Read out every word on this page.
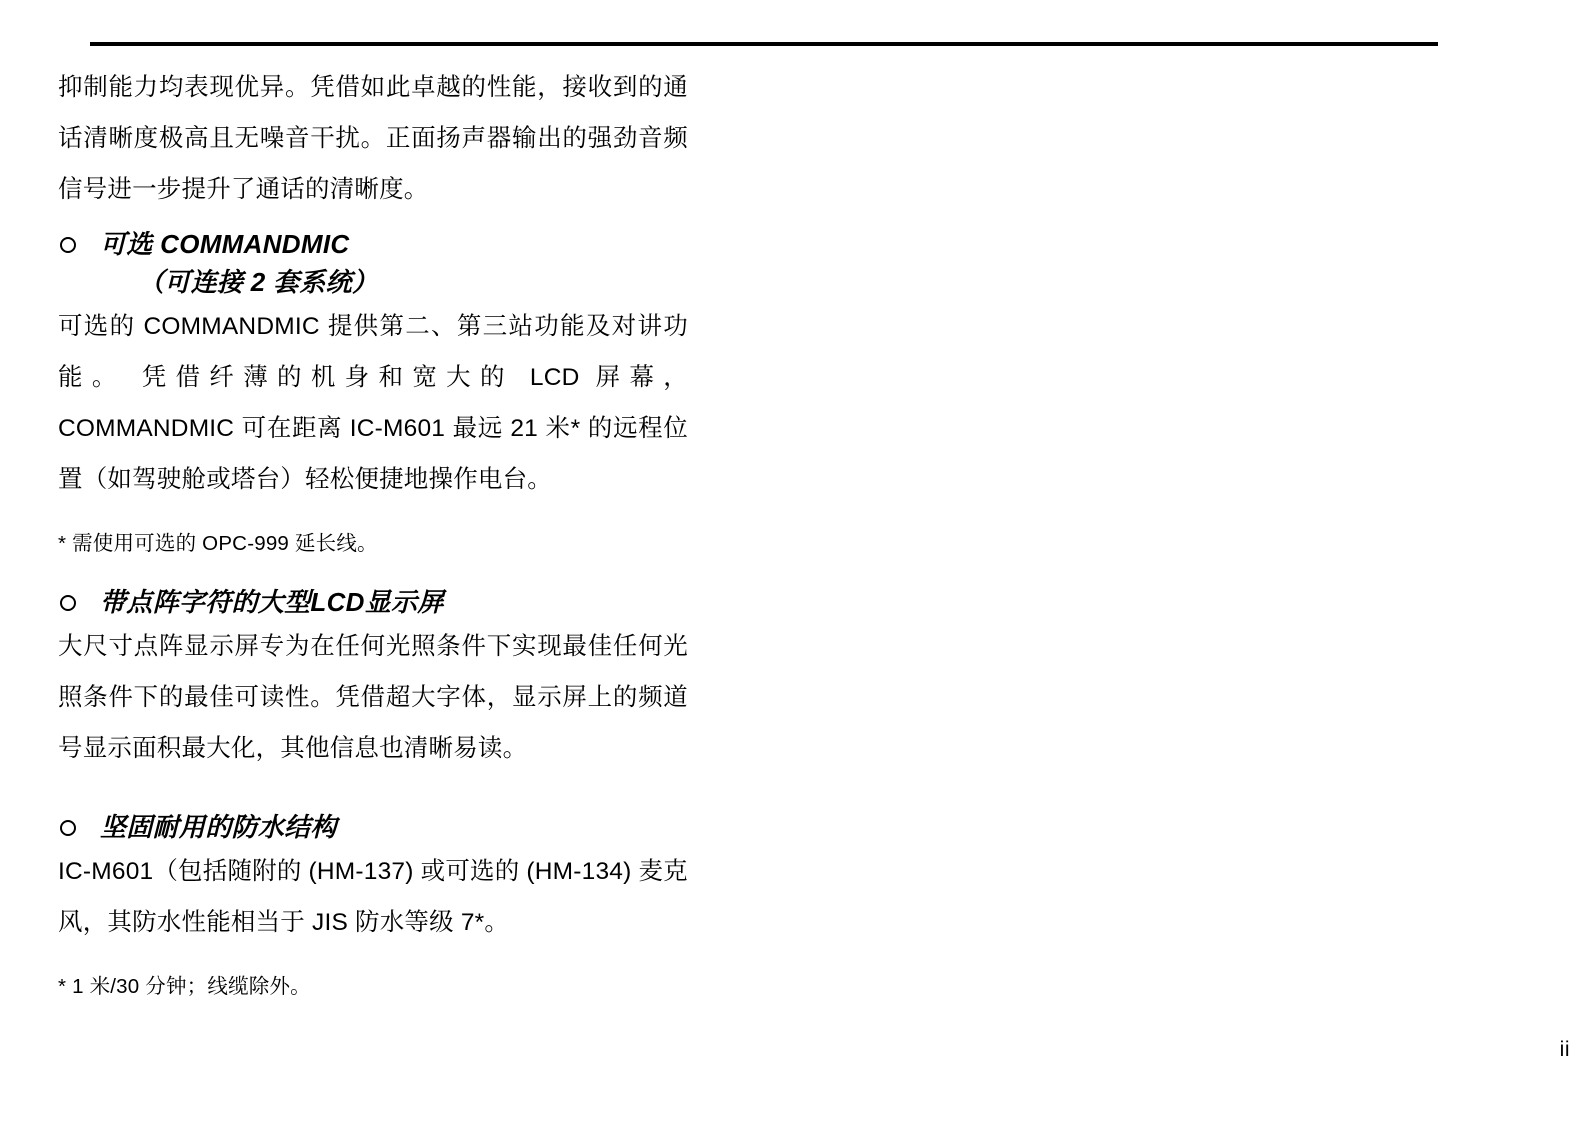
抑制能力均表现优异。凭借如此卓越的性能，接收到的通话清晰度极高且无噪音干扰。正面扬声器输出的强劲音频信号进一步提升了通话的清晰度。

可选 COMMANDMIC
（可连接 2 套系统）

可选的 COMMANDMIC 提供第二、第三站功能及对讲功能。 凭借纤薄的机身和宽大的 LCD 屏幕， COMMANDMIC 可在距离 IC-M601 最远 21 米* 的远程位置（如驾驶舱或塔台）轻松便捷地操作电台。

* 需使用可选的 OPC-999 延长线。

带点阵字符的大型LCD显示屏

大尺寸点阵显示屏专为在任何光照条件下实现最佳任何光照条件下的最佳可读性。凭借超大字体，显示屏上的频道号显示面积最大化，其他信息也清晰易读。

坚固耐用的防水结构

IC-M601（包括随附的 (HM-137) 或可选的 (HM-134) 麦克风，其防水性能相当于 JIS 防水等级 7*。

* 1 米/30 分钟；线缆除外。

ii
